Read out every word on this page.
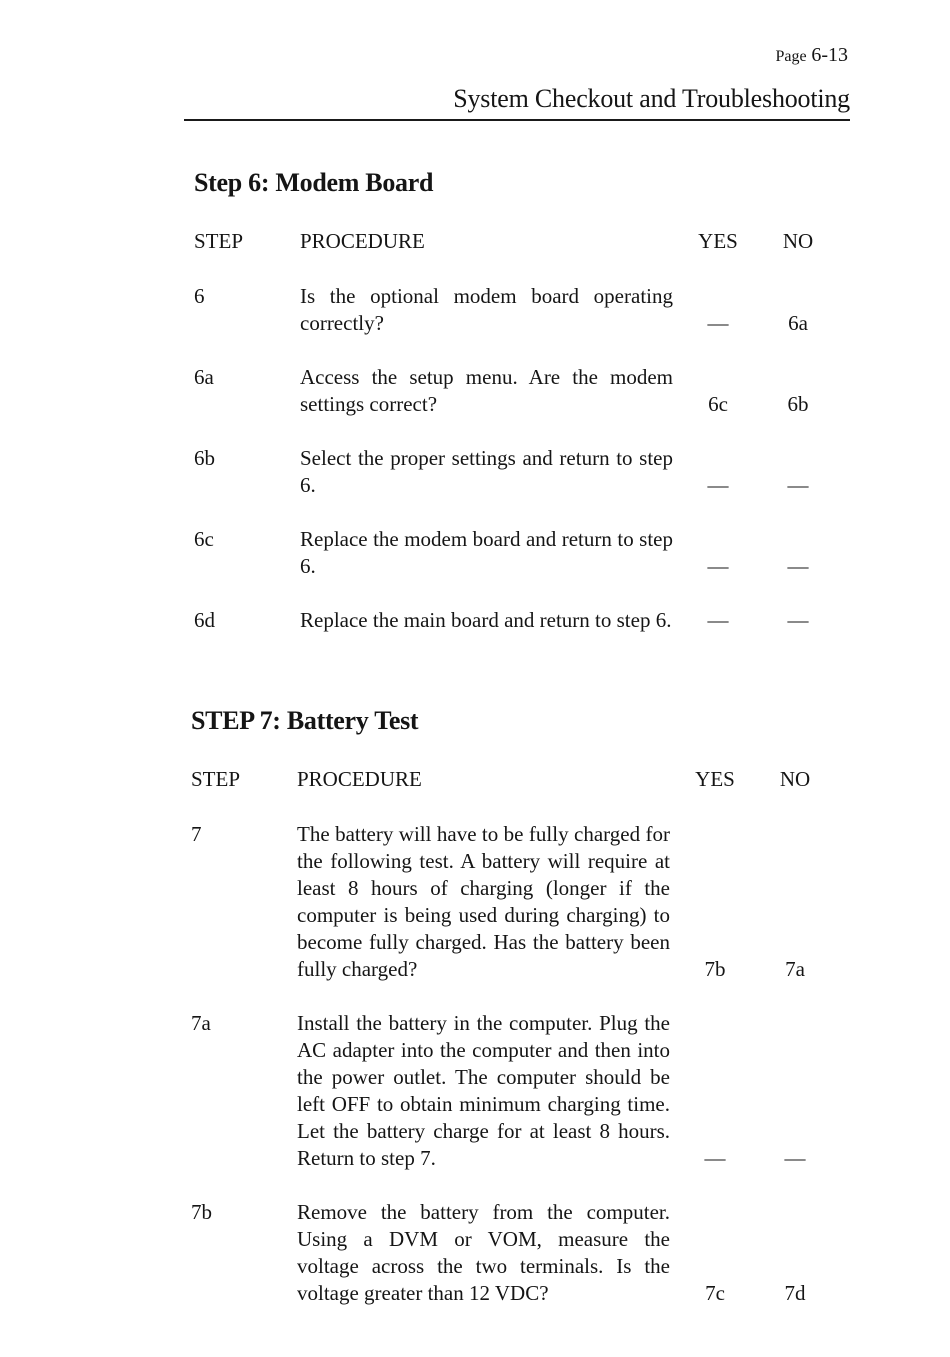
Page 6-13
System Checkout and Troubleshooting
Step 6: Modem Board
STEP	PROCEDURE	YES NO
6	Is the optional modem board operating correctly?	—	6a
6a	Access the setup menu. Are the modem settings correct?	6c	6b
6b	Select the proper settings and return to step 6.	—	—
6c	Replace the modem board and return to step 6.	—	—
6d	Replace the main board and return to step 6.	—	—
STEP 7: Battery Test
STEP	PROCEDURE	YES NO
7	The battery will have to be fully charged for the following test. A battery will require at least 8 hours of charging (longer if the computer is being used during charging) to become fully charged. Has the battery been fully charged?	7b	7a
7a	Install the battery in the computer. Plug the AC adapter into the computer and then into the power outlet. The computer should be left OFF to obtain minimum charging time. Let the battery charge for at least 8 hours. Return to step 7.	—	—
7b	Remove the battery from the computer. Using a DVM or VOM, measure the voltage across the two terminals. Is the voltage greater than 12 VDC?	7c	7d
